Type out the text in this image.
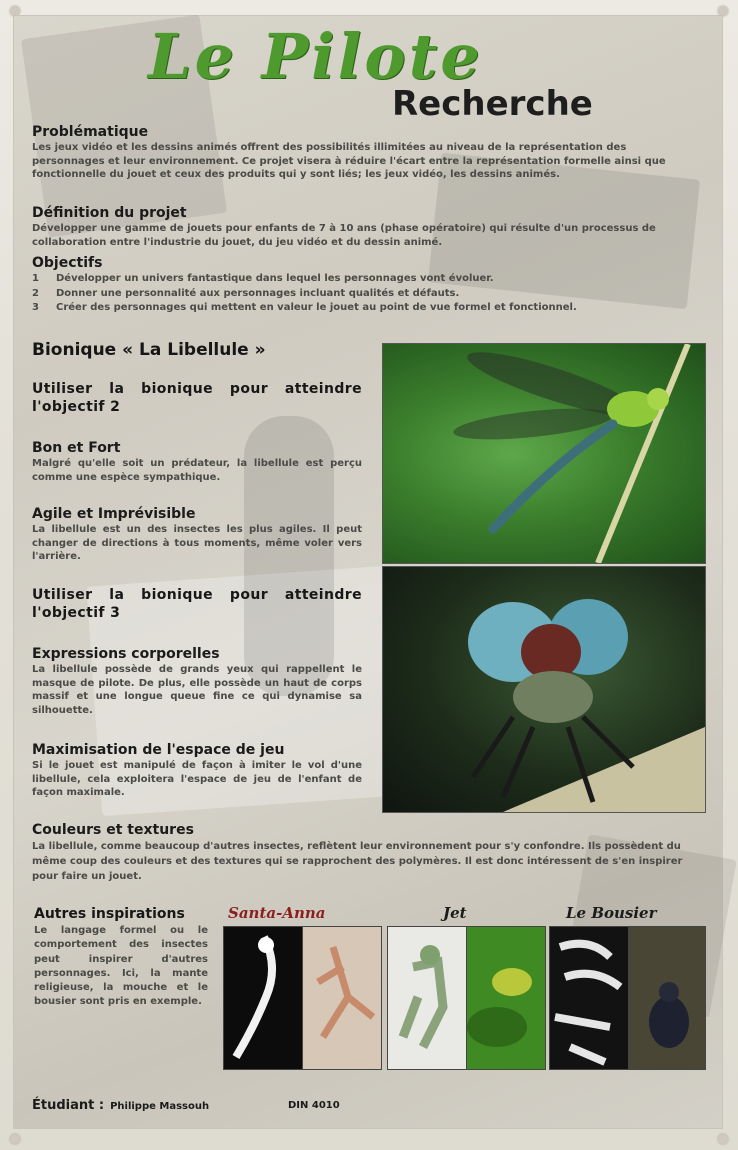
Le Pilote
Recherche
Problématique
Les jeux vidéo et les dessins animés offrent des possibilités illimitées au niveau de la représentation des personnages et leur environnement. Ce projet visera à réduire l'écart entre la représentation formelle ainsi que fonctionnelle du jouet et ceux des produits qui y sont liés; les jeux vidéo, les dessins animés.
Définition du projet
Développer une gamme de jouets pour enfants de 7 à 10 ans (phase opératoire) qui résulte d'un processus de collaboration entre l'industrie du jouet, du jeu vidéo et du dessin animé.
Objectifs
1	Développer un univers fantastique dans lequel les personnages vont évoluer.
2	Donner une personnalité aux personnages incluant qualités et défauts.
3	Créer des personnages qui mettent en valeur le jouet au point de vue formel et fonctionnel.
Bionique « La Libellule »
Utiliser la bionique pour atteindre l'objectif 2
Bon et Fort
Malgré qu'elle soit un prédateur, la libellule est perçu comme une espèce sympathique.
Agile et Imprévisible
La libellule est un des insectes les plus agiles. Il peut changer de directions à tous moments, même voler vers l'arrière.
Utiliser la bionique pour atteindre l'objectif 3
Expressions corporelles
La libellule possède de grands yeux qui rappellent le masque de pilote. De plus, elle possède un haut de corps massif et une longue queue fine ce qui dynamise sa silhouette.
Maximisation de l'espace de jeu
Si le jouet est manipulé de façon à imiter le vol d'une libellule, cela exploitera l'espace de jeu de l'enfant de façon maximale.
Couleurs et textures
La libellule, comme beaucoup d'autres insectes, reflètent leur environnement pour s'y confondre. Ils possèdent du même coup des couleurs et des textures qui se rapprochent des polymères. Il est donc intéressent de s'en inspirer pour faire un jouet.
Autres inspirations
Le langage formel ou le comportement des insectes peut inspirer d'autres personnages. Ici, la mante religieuse, la mouche et le bousier sont pris en exemple.
Santa-Anna	Jet	Le Bousier
Étudiant : Philippe Massouh	DIN 4010
